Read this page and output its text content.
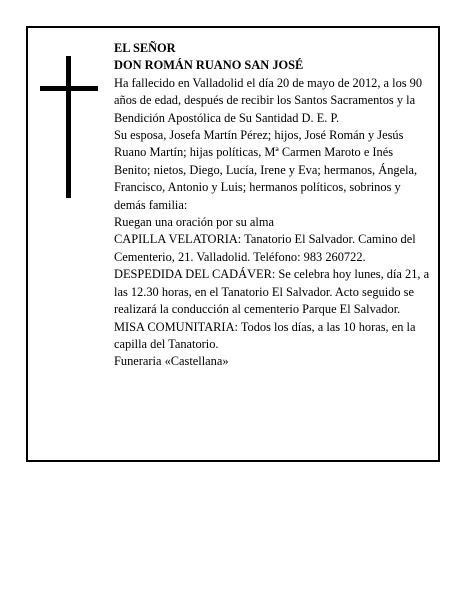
EL SEÑOR

DON ROMÁN RUANO SAN JOSÉ

Ha fallecido en Valladolid el día 20 de mayo de 2012, a los 90 años de edad, después de recibir los Santos Sacramentos y la Bendición Apostólica de Su Santidad D. E. P.

Su esposa, Josefa Martín Pérez; hijos, José Román y Jesús Ruano Martín; hijas políticas, Mª Carmen Maroto e Inés Benito; nietos, Diego, Lucía, Irene y Eva; hermanos, Ángela, Francisco, Antonio y Luis; hermanos políticos, sobrinos y demás familia:

Ruegan una oración por su alma

CAPILLA VELATORIA: Tanatorio El Salvador. Camino del Cementerio, 21. Valladolid. Teléfono: 983 260722.

DESPEDIDA DEL CADÁVER: Se celebra hoy lunes, día 21, a las 12.30 horas, en el Tanatorio El Salvador. Acto seguido se realizará la conducción al cementerio Parque El Salvador.

MISA COMUNITARIA: Todos los días, a las 10 horas, en la capilla del Tanatorio.

Funeraria «Castellana»
